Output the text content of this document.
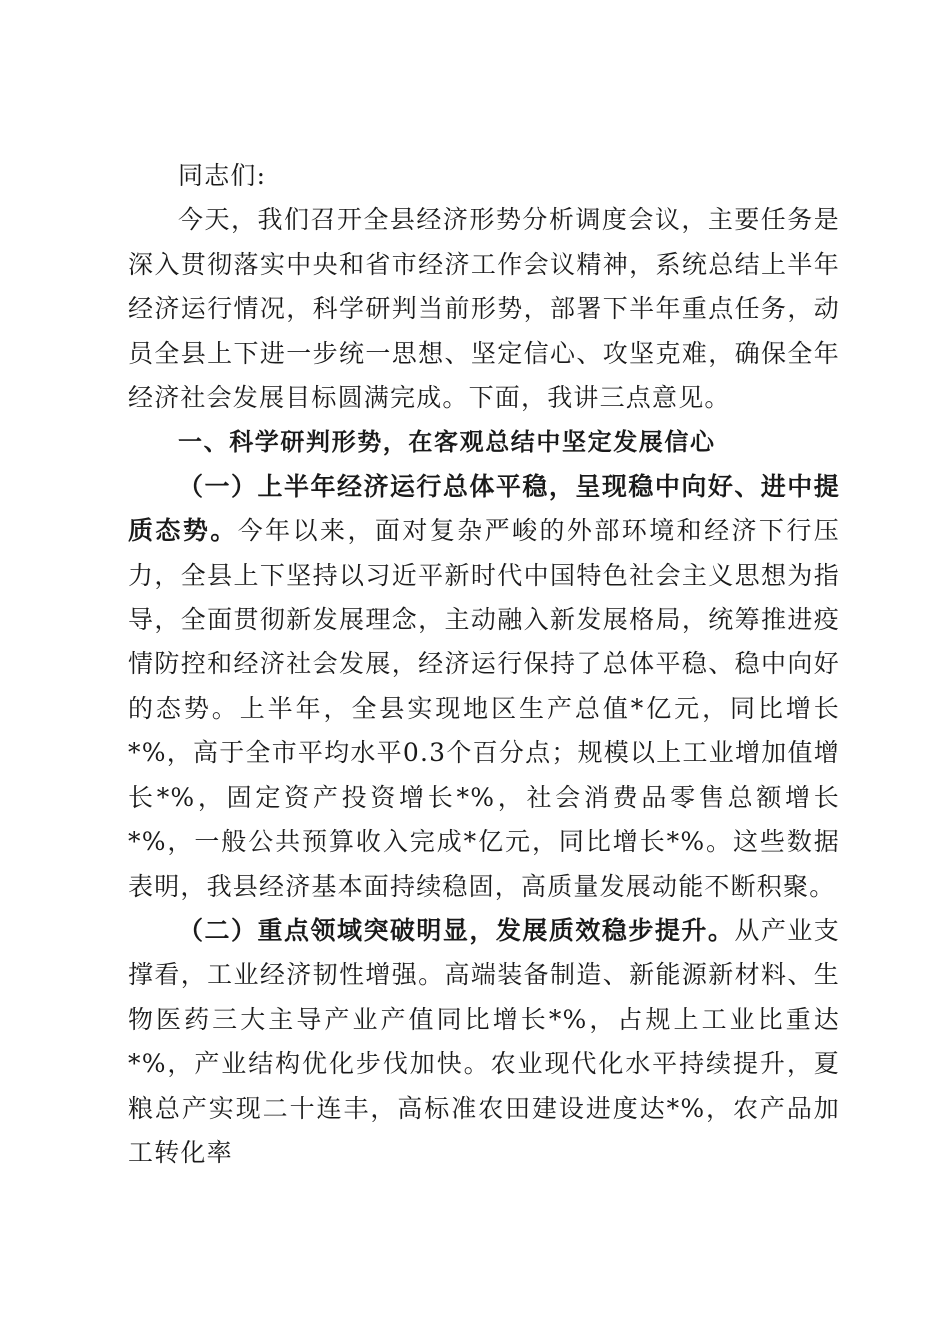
同志们:

今天，我们召开全县经济形势分析调度会议，主要任务是深入贯彻落实中央和省市经济工作会议精神，系统总结上半年经济运行情况，科学研判当前形势，部署下半年重点任务，动员全县上下进一步统一思想、坚定信心、攻坚克难，确保全年经济社会发展目标圆满完成。下面，我讲三点意见。

一、科学研判形势，在客观总结中坚定发展信心

（一）上半年经济运行总体平稳，呈现稳中向好、进中提质态势。今年以来，面对复杂严峻的外部环境和经济下行压力，全县上下坚持以习近平新时代中国特色社会主义思想为指导，全面贯彻新发展理念，主动融入新发展格局，统筹推进疫情防控和经济社会发展，经济运行保持了总体平稳、稳中向好的态势。上半年，全县实现地区生产总值*亿元，同比增长*%，高于全市平均水平0.3个百分点；规模以上工业增加值增长*%，固定资产投资增长*%，社会消费品零售总额增长*%，一般公共预算收入完成*亿元，同比增长*%。这些数据表明，我县经济基本面持续稳固，高质量发展动能不断积聚。

（二）重点领域突破明显，发展质效稳步提升。从产业支撑看，工业经济韧性增强。高端装备制造、新能源新材料、生物医药三大主导产业产值同比增长*%，占规上工业比重达*%，产业结构优化步伐加快。农业现代化水平持续提升，夏粮总产实现二十连丰，高标准农田建设进度达*%，农产品加工转化率
